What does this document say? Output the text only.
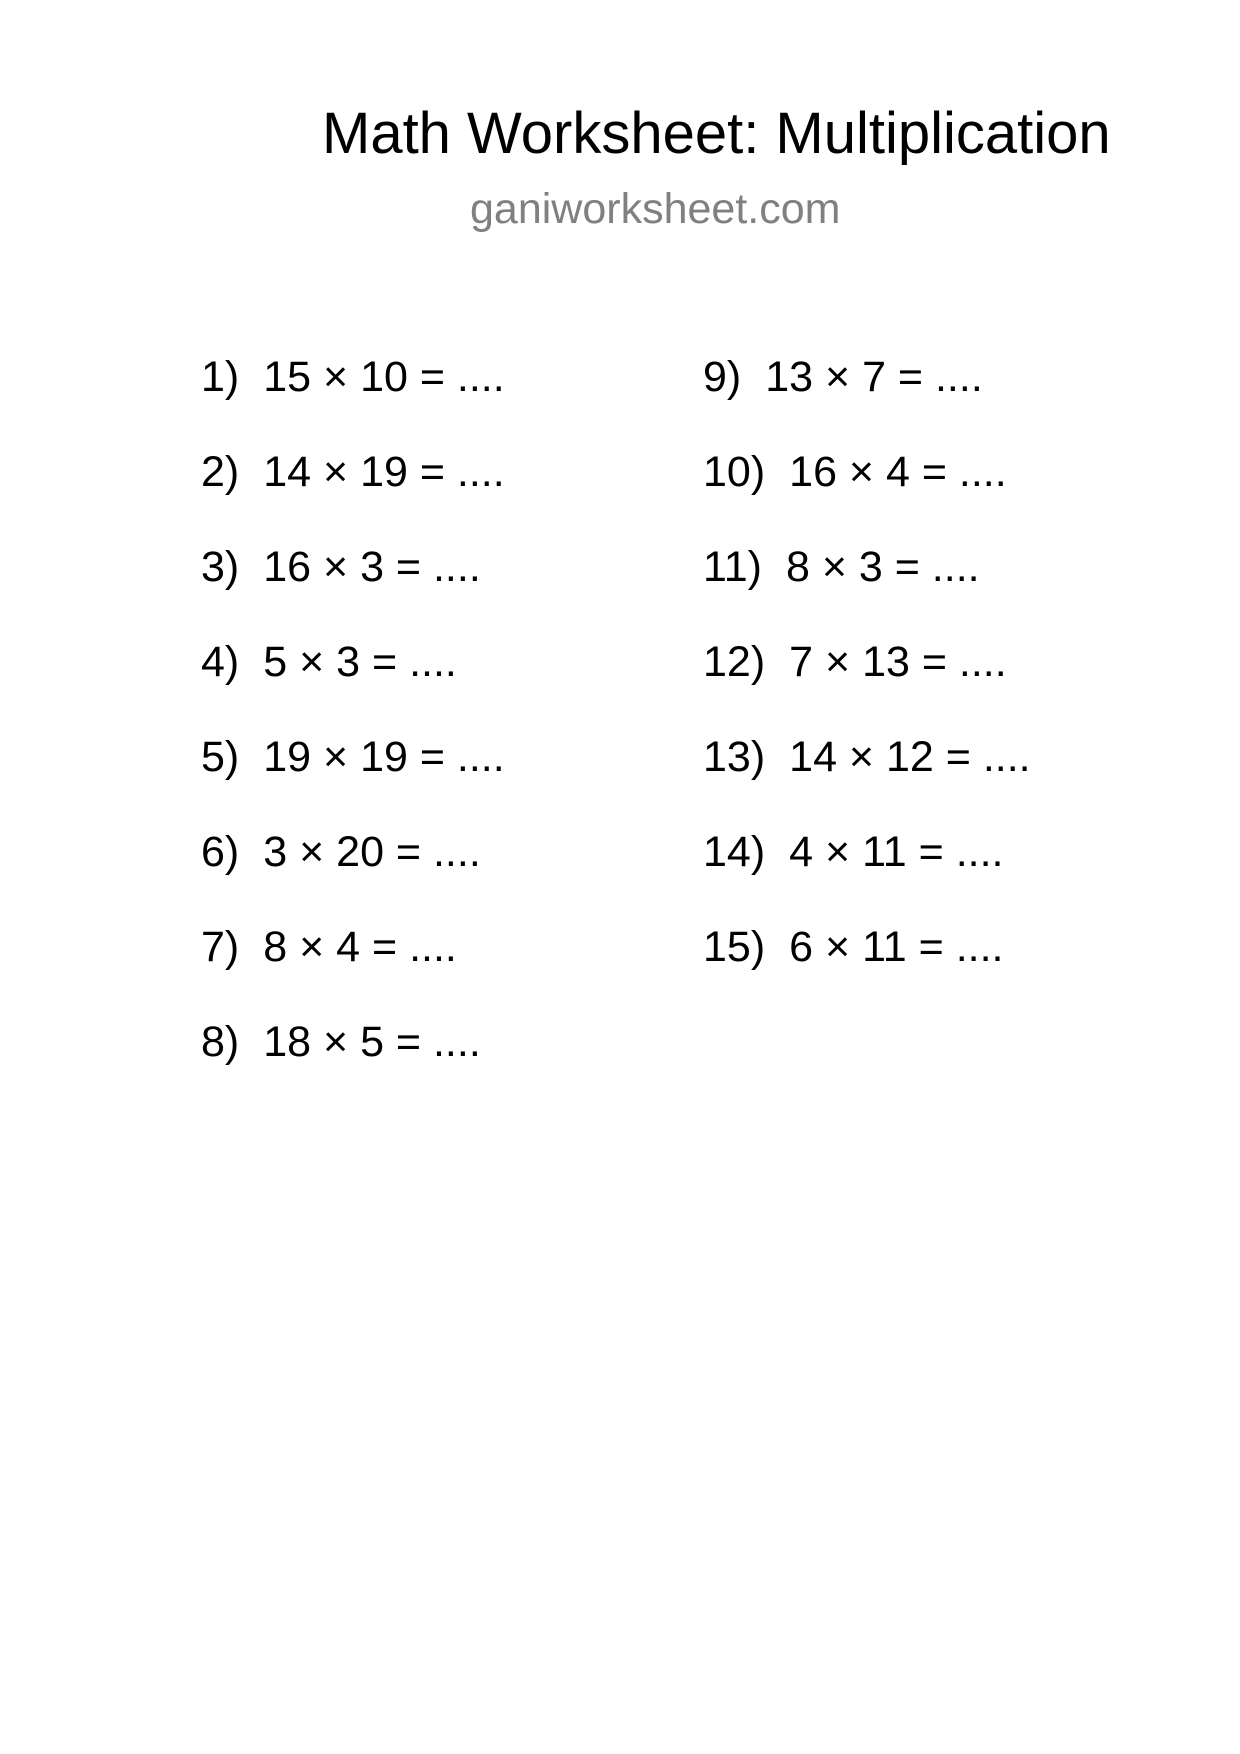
Math Worksheet: Multiplication
ganiworksheet.com
1) 15 × 10 = ....
2) 14 × 19 = ....
3) 16 × 3 = ....
4) 5 × 3 = ....
5) 19 × 19 = ....
6) 3 × 20 = ....
7) 8 × 4 = ....
8) 18 × 5 = ....
9) 13 × 7 = ....
10) 16 × 4 = ....
11) 8 × 3 = ....
12) 7 × 13 = ....
13) 14 × 12 = ....
14) 4 × 11 = ....
15) 6 × 11 = ....
